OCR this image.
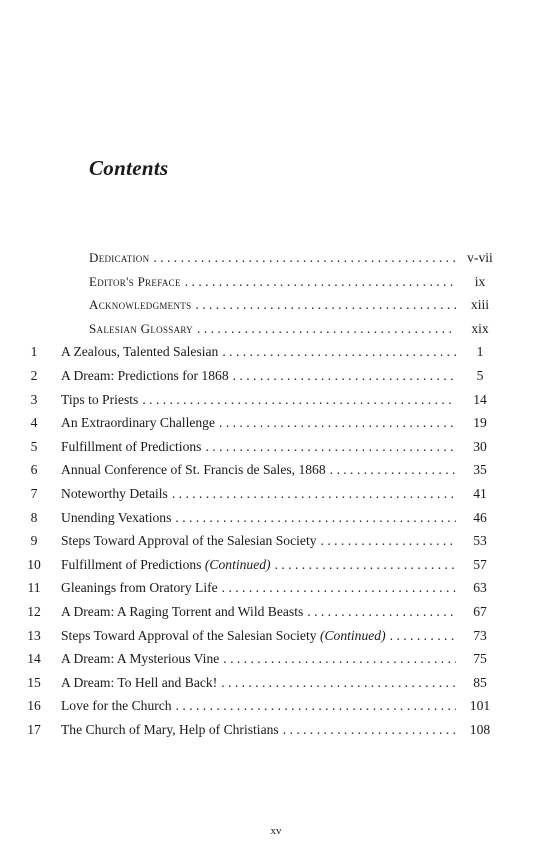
Contents
Dedication . . .	v-vii
Editor's Preface . . .	ix
Acknowledgments . . .	xiii
Salesian Glossary . . .	xix
1	A Zealous, Talented Salesian . . .	1
2	A Dream: Predictions for 1868 . . .	5
3	Tips to Priests . . .	14
4	An Extraordinary Challenge . . .	19
5	Fulfillment of Predictions . . .	30
6	Annual Conference of St. Francis de Sales, 1868 . . .	35
7	Noteworthy Details . . .	41
8	Unending Vexations . . .	46
9	Steps Toward Approval of the Salesian Society . . .	53
10	Fulfillment of Predictions (Continued) . . .	57
11	Gleanings from Oratory Life . . .	63
12	A Dream: A Raging Torrent and Wild Beasts . . .	67
13	Steps Toward Approval of the Salesian Society (Continued) . . .	73
14	A Dream: A Mysterious Vine . . .	75
15	A Dream: To Hell and Back! . . .	85
16	Love for the Church . . .	101
17	The Church of Mary, Help of Christians . . .	108
xv
